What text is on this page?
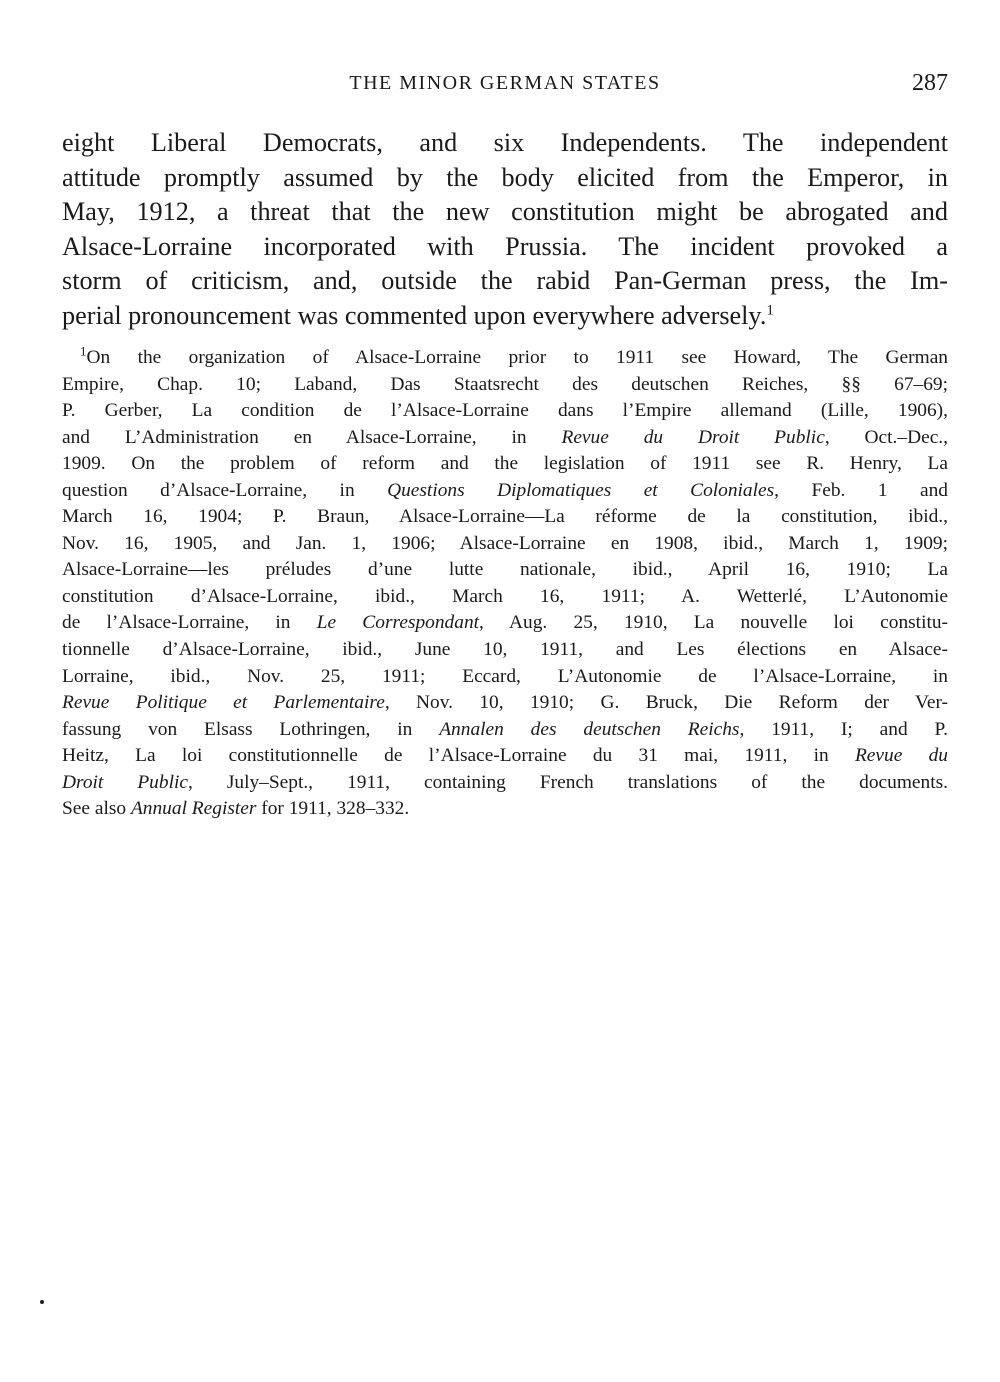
THE MINOR GERMAN STATES	287
eight Liberal Democrats, and six Independents. The independent
attitude promptly assumed by the body elicited from the Emperor, in
May, 1912, a threat that the new constitution might be abrogated and
Alsace-Lorraine incorporated with Prussia. The incident provoked a
storm of criticism, and, outside the rabid Pan-German press, the Im-
perial pronouncement was commented upon everywhere adversely.$^1$
$^1$On the organization of Alsace-Lorraine prior to 1911 see Howard, The German
Empire, Chap. 10; Laband, Das Staatsrecht des deutschen Reiches, §§ 67–69;
P. Gerber, La condition de l’Alsace-Lorraine dans l’Empire allemand (Lille, 1906),
and L’Administration en Alsace-Lorraine, in Revue du Droit Public, Oct.–Dec.,
1909. On the problem of reform and the legislation of 1911 see R. Henry, La
question d’Alsace-Lorraine, in Questions Diplomatiques et Coloniales, Feb. 1 and
March 16, 1904; P. Braun, Alsace-Lorraine—La réforme de la constitution, ibid.,
Nov. 16, 1905, and Jan. 1, 1906; Alsace-Lorraine en 1908, ibid., March 1, 1909;
Alsace-Lorraine—les préludes d’une lutte nationale, ibid., April 16, 1910; La
constitution d’Alsace-Lorraine, ibid., March 16, 1911; A. Wetterlé, L’Autonomie
de l’Alsace-Lorraine, in Le Correspondant, Aug. 25, 1910, La nouvelle loi constitu-
tionnelle d’Alsace-Lorraine, ibid., June 10, 1911, and Les élections en Alsace-
Lorraine, ibid., Nov. 25, 1911; Eccard, L’Autonomie de l’Alsace-Lorraine, in
Revue Politique et Parlementaire, Nov. 10, 1910; G. Bruck, Die Reform der Ver-
fassung von Elsass Lothringen, in Annalen des deutschen Reichs, 1911, I; and P.
Heitz, La loi constitutionnelle de l’Alsace-Lorraine du 31 mai, 1911, in Revue du
Droit Public, July–Sept., 1911, containing French translations of the documents.
See also Annual Register for 1911, 328–332.
